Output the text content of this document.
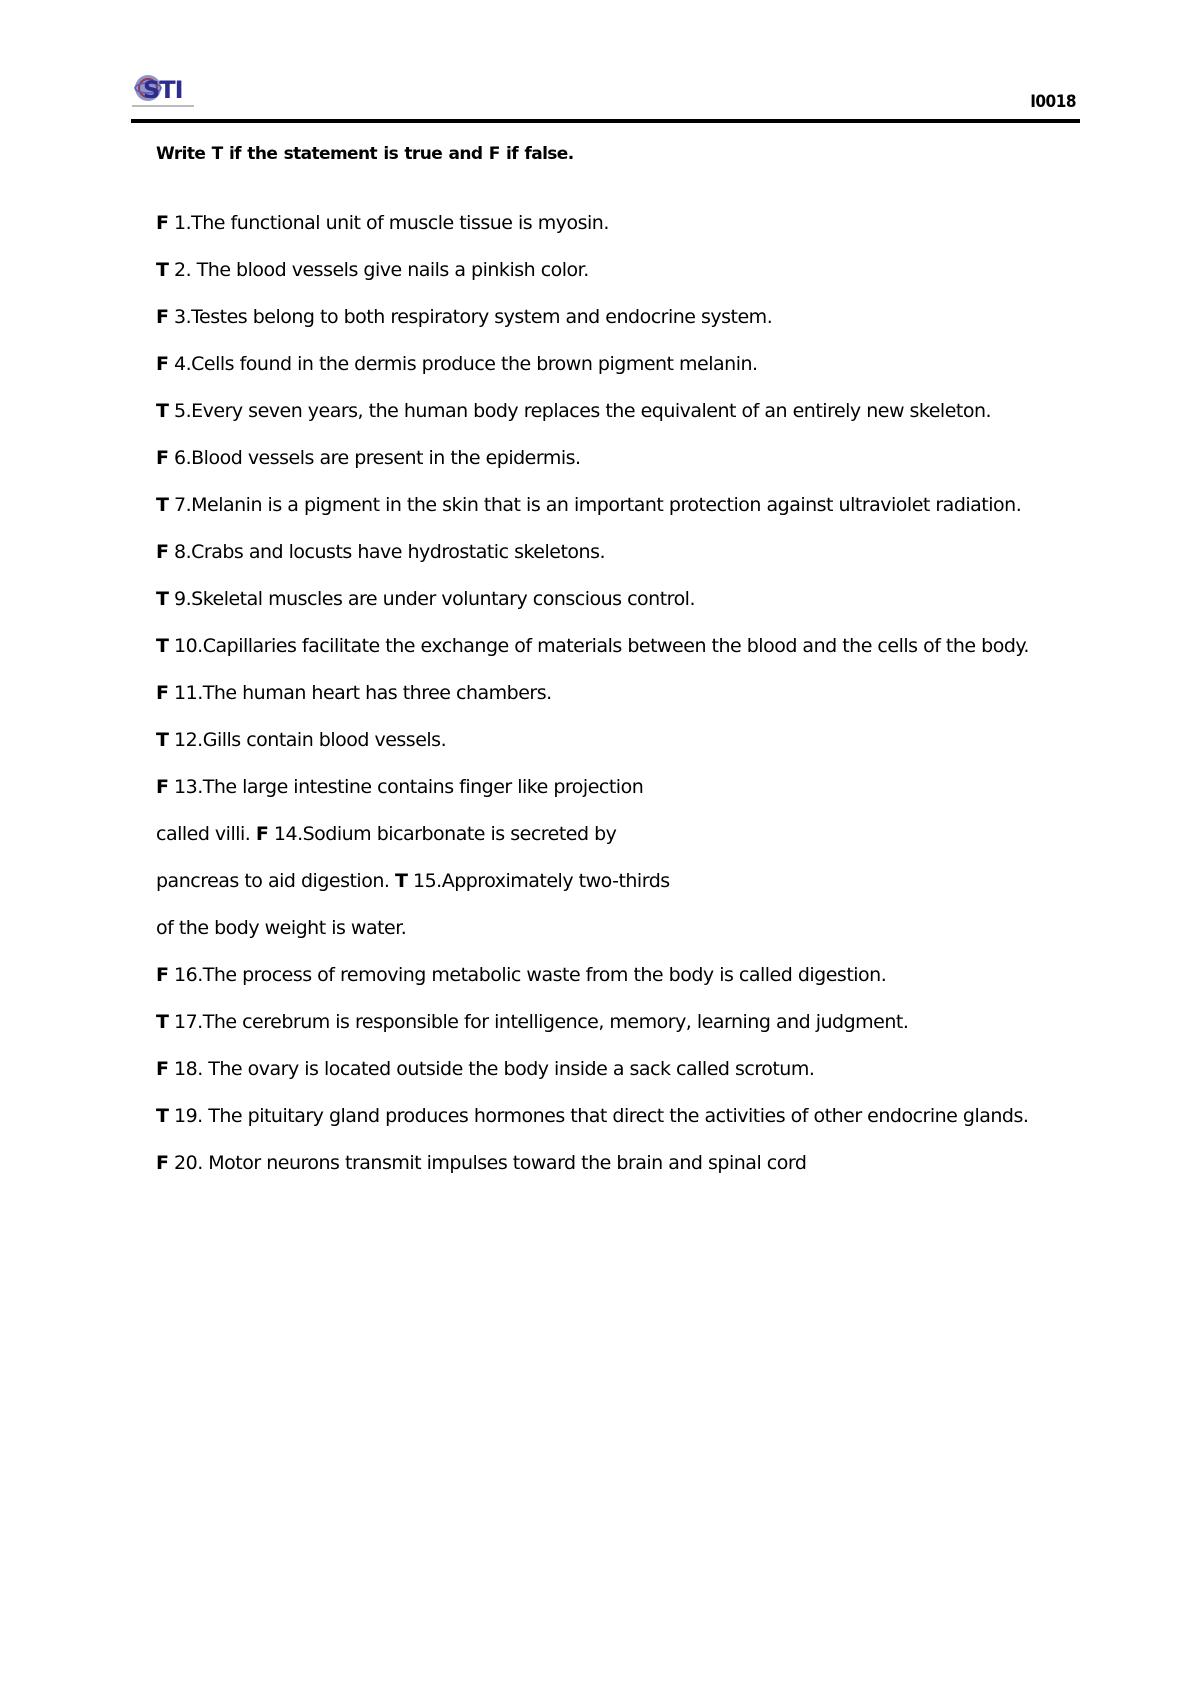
STI	I0018
Write T if the statement is true and F if false.
F 1.The functional unit of muscle tissue is myosin.
T 2. The blood vessels give nails a pinkish color.
F 3.Testes belong to both respiratory system and endocrine system.
F 4.Cells found in the dermis produce the brown pigment melanin.
T 5.Every seven years, the human body replaces the equivalent of an entirely new skeleton.
F 6.Blood vessels are present in the epidermis.
T 7.Melanin is a pigment in the skin that is an important protection against ultraviolet radiation.
F 8.Crabs and locusts have hydrostatic skeletons.
T 9.Skeletal muscles are under voluntary conscious control.
T 10.Capillaries facilitate the exchange of materials between the blood and the cells of the body.
F 11.The human heart has three chambers.
T 12.Gills contain blood vessels.
F 13.The large intestine contains finger like projection
called villi. F 14.Sodium bicarbonate is secreted by
pancreas to aid digestion. T 15.Approximately two-thirds
of the body weight is water.
F 16.The process of removing metabolic waste from the body is called digestion.
T 17.The cerebrum is responsible for intelligence, memory, learning and judgment.
F 18. The ovary is located outside the body inside a sack called scrotum.
T 19. The pituitary gland produces hormones that direct the activities of other endocrine glands.
F 20. Motor neurons transmit impulses toward the brain and spinal cord
